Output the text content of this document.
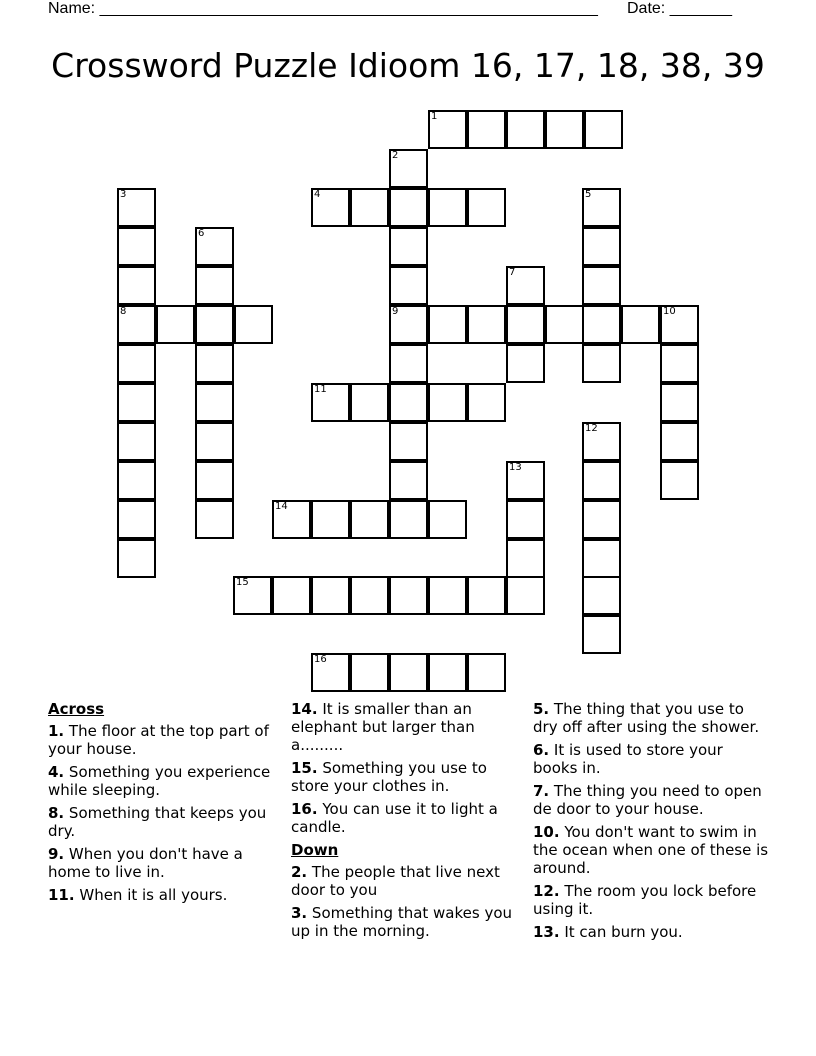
Name: ________________________________________________________ Date: _______
Crossword Puzzle Idioom 16, 17, 18, 38, 39
1
2
3	4	5
6
7
8	9	10
11
12
13
14
15
16
Across
1. The floor at the top part of your house.
4. Something you experience while sleeping.
8. Something that keeps you dry.
9. When you don't have a home to live in.
11. When it is all yours.
14. It is smaller than an elephant but larger than a.........
15. Something you use to store your clothes in.
16. You can use it to light a candle.
Down
2. The people that live next door to you
3. Something that wakes you up in the morning.
5. The thing that you use to dry off after using the shower.
6. It is used to store your books in.
7. The thing you need to open de door to your house.
10. You don't want to swim in the ocean when one of these is around.
12. The room you lock before using it.
13. It can burn you.
